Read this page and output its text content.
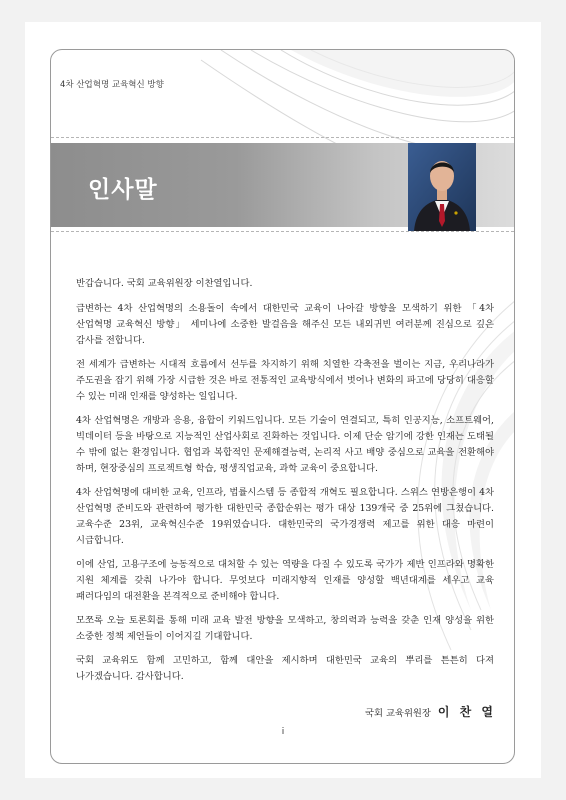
4차 산업혁명 교육혁신 방향
인사말

반갑습니다. 국회 교육위원장 이찬열입니다.

급변하는 4차 산업혁명의 소용돌이 속에서 대한민국 교육이 나아갈 방향을 모색하기 위한 「4차 산업혁명 교육혁신 방향」 세미나에 소중한 발걸음을 해주신 모든 내외귀빈 여러분께 진심으로 깊은 감사를 전합니다.

전 세계가 급변하는 시대적 흐름에서 선두를 차지하기 위해 치열한 각축전을 벌이는 지금, 우리나라가 주도권을 잡기 위해 가장 시급한 것은 바로 전통적인 교육방식에서 벗어나 변화의 파고에 당당히 대응할 수 있는 미래 인재를 양성하는 일입니다.

4차 산업혁명은 개방과 응용, 융합이 키워드입니다. 모든 기술이 연결되고, 특히 인공지능, 소프트웨어, 빅데이터 등을 바탕으로 지능적인 산업사회로 진화하는 것입니다. 이제 단순 암기에 강한 인재는 도태될 수 밖에 없는 환경입니다. 협업과 복합적인 문제해결능력, 논리적 사고 배양 중심으로 교육을 전환해야 하며, 현장중심의 프로젝트형 학습, 평생직업교육, 과학 교육이 중요합니다.

4차 산업혁명에 대비한 교육, 인프라, 법률시스템 등 종합적 개혁도 필요합니다. 스위스 연방은행이 4차 산업혁명 준비도와 관련하여 평가한 대한민국 종합순위는 평가 대상 139개국 중 25위에 그쳤습니다. 교육수준 23위, 교육혁신수준 19위였습니다. 대한민국의 국가경쟁력 제고를 위한 대응 마련이 시급합니다.

이에 산업, 고용구조에 능동적으로 대처할 수 있는 역량을 다질 수 있도록 국가가 제반 인프라와 명확한 지원 체계를 갖춰 나가야 합니다. 무엇보다 미래지향적 인재를 양성할 백년대계를 세우고 교육 패러다임의 대전환을 본격적으로 준비해야 합니다.

모쪼록 오늘 토론회를 통해 미래 교육 발전 방향을 모색하고, 창의력과 능력을 갖춘 인재 양성을 위한 소중한 정책 제언들이 이어지길 기대합니다.

국회 교육위도 함께 고민하고, 함께 대안을 제시하며 대한민국 교육의 뿌리를 튼튼히 다져 나가겠습니다. 감사합니다.

국회 교육위원장 이 찬 열
i
